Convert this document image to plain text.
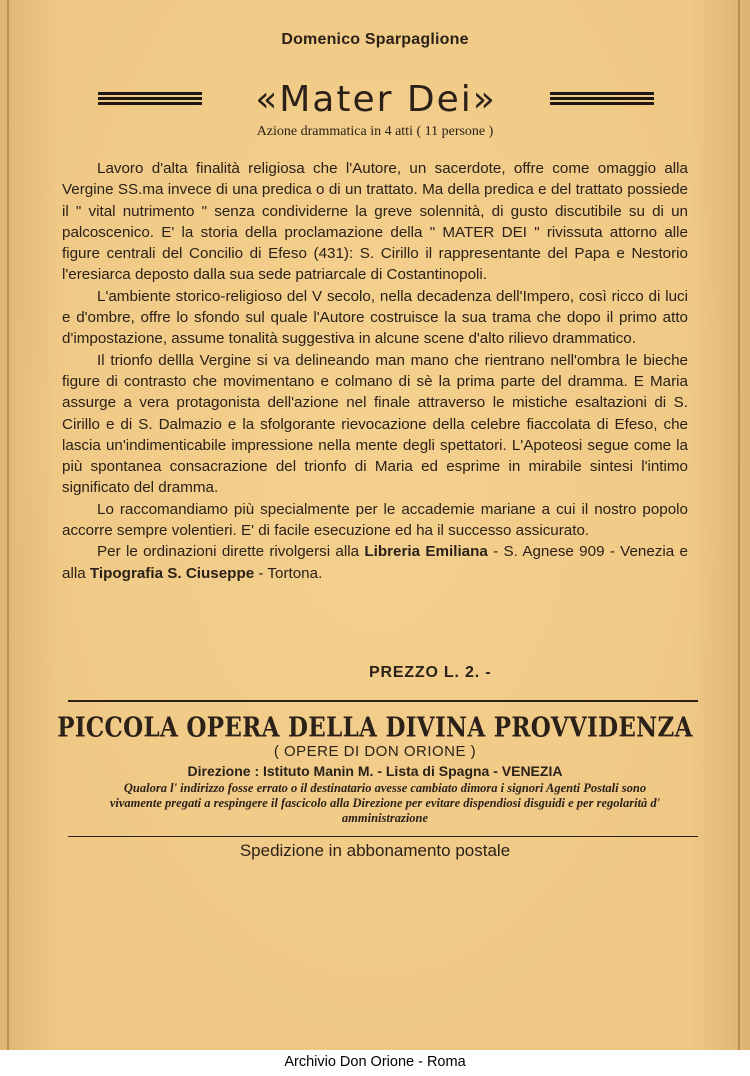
Domenico Sparpaglione
«Mater Dei»
Azione drammatica in 4 atti ( 11 persone )

Lavoro d'alta finalità religiosa che l'Autore, un sacerdote, offre come omaggio alla Vergine SS.ma invece di una predica o di un trattato. Ma della predica e del trattato possiede il " vital nutrimento " senza condividerne la greve solennità, di gusto discutibile su di un palcoscenico. E' la storia della proclamazione della " MATER DEI " rivissuta attorno alle figure centrali del Concilio di Efeso (431): S. Cirillo il rappresentante del Papa e Nestorio l'eresiarca deposto dalla sua sede patriarcale di Costantinopoli.

L'ambiente storico-religioso del V secolo, nella decadenza dell'Impero, così ricco di luci e d'ombre, offre lo sfondo sul quale l'Autore costruisce la sua trama che dopo il primo atto d'impostazione, assume tonalità suggestiva in alcune scene d'alto rilievo drammatico.

Il trionfo dellla Vergine si va delineando man mano che rientrano nell'ombra le bieche figure di contrasto che movimentano e colmano di sè la prima parte del dramma. E Maria assurge a vera protagonista dell'azione nel finale attraverso le mistiche esaltazioni di S. Cirillo e di S. Dalmazio e la sfolgorante rievocazione della celebre fiaccolata di Efeso, che lascia un'indimenticabile impressione nella mente degli spettatori. L'Apoteosi segue come la più spontanea consacrazione del trionfo di Maria ed esprime in mirabile sintesi l'intimo significato del dramma.

Lo raccomandiamo più specialmente per le accademie mariane a cui il nostro popolo accorre sempre volentieri. E' di facile esecuzione ed ha il successo assicurato.

Per le ordinazioni dirette rivolgersi alla Libreria Emiliana - S. Agnese 909 - Venezia e alla Tipografia S. Ciuseppe - Tortona.

PREZZO L. 2. -
PICCOLA OPERA DELLA DIVINA PROVVIDENZA
( OPERE DI DON ORIONE )
Direzione : Istituto Manin M. - Lista di Spagna - VENEZIA
Qualora l' indirizzo fosse errato o il destinatario avesse cambiato dimora i signori Agenti Postali sono vivamente pregati a respingere il fascicolo alla Direzione per evitare dispendiosi disguidi e per regolarità d' amministrazione
Spedizione in abbonamento postale
Archivio Don Orione - Roma
